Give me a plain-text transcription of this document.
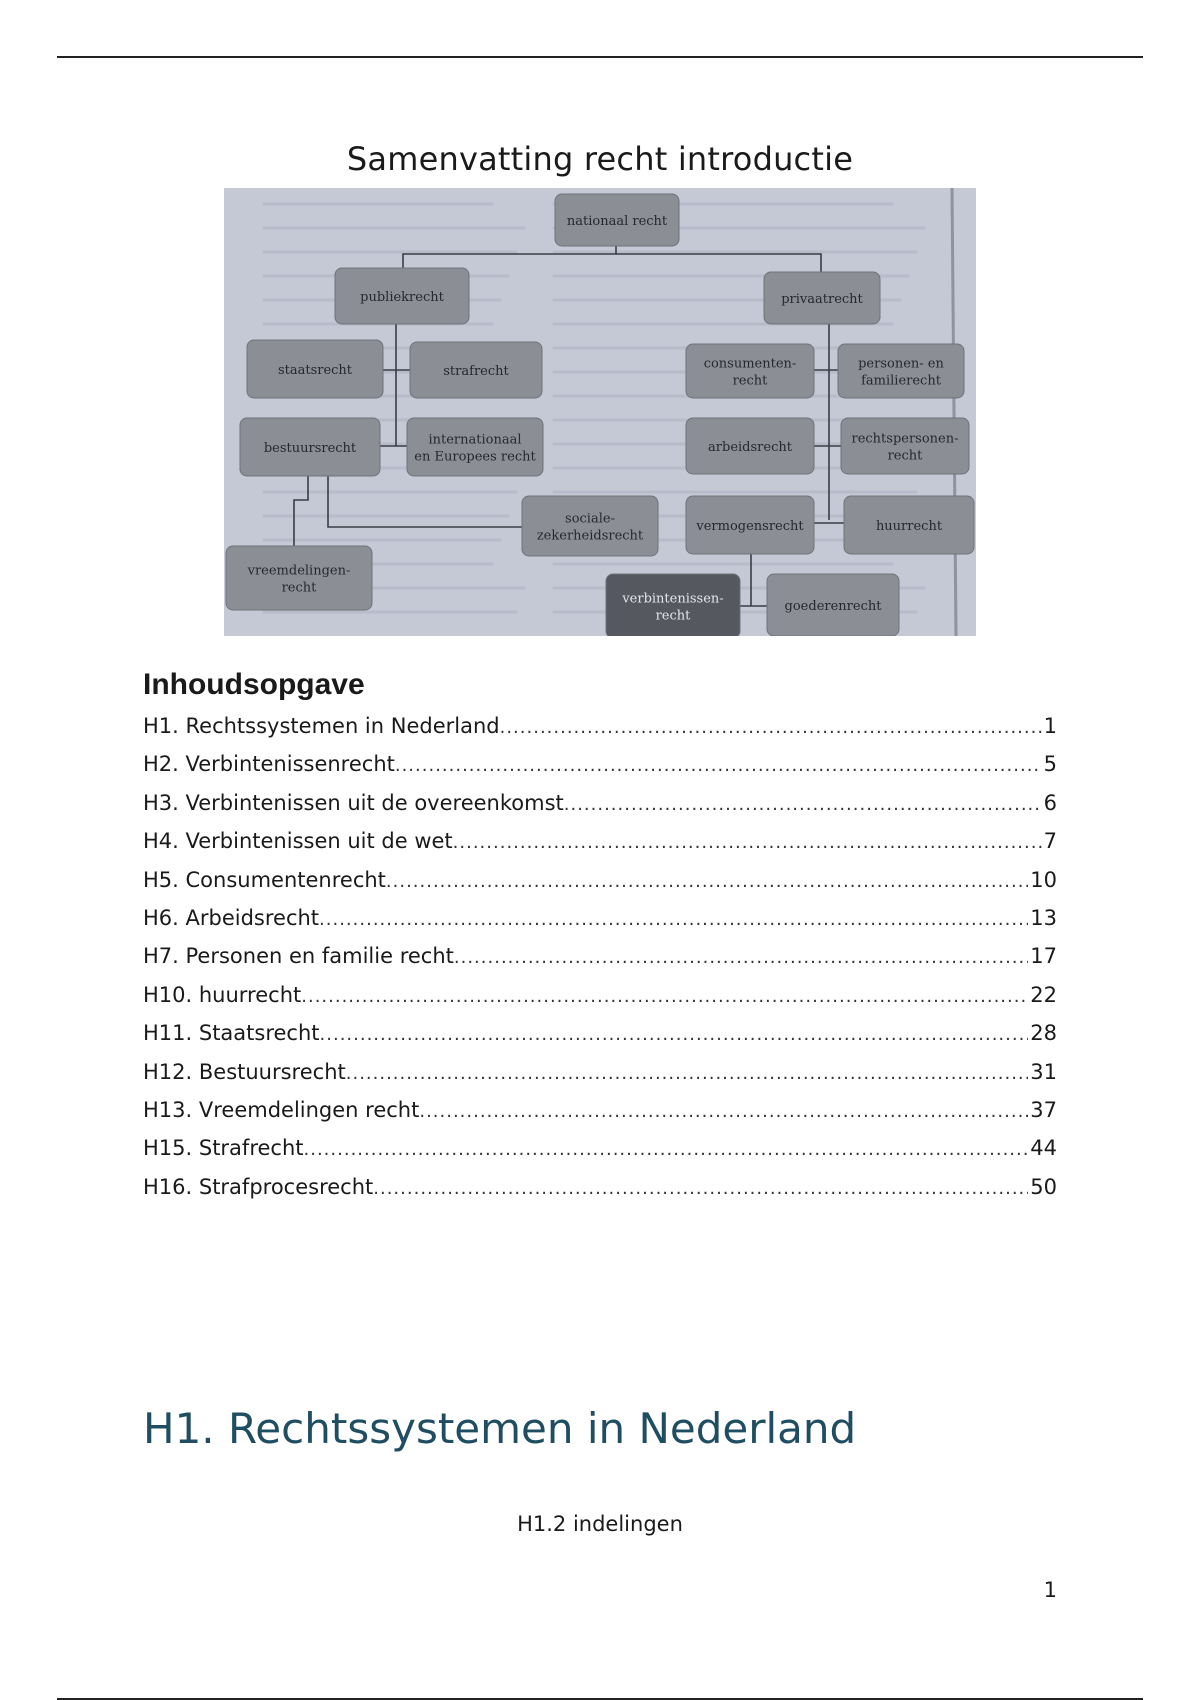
Samenvatting recht introductie
nationaal recht
publiekrecht	privaatrecht
staatsrecht	strafrecht	consumenten-
recht
personen- en
familierecht
bestuursrecht
internationaal
en Europees recht
arbeidsrecht
rechtspersonen-
recht
sociale-
zekerheidsrecht
vermogensrecht	huurrecht
vreemdelingen-
recht
verbintenissen-
recht
goederenrecht
Inhoudsopgave
H1. Rechtssystemen in Nederland .....	1
H2. Verbintenissenrecht .....	5
H3. Verbintenissen uit de overeenkomst .....	6
H4. Verbintenissen uit de wet .....	7
H5. Consumentenrecht .....	10
H6. Arbeidsrecht .....	13
H7. Personen en familie recht .....	17
H10. huurrecht .....	22
H11. Staatsrecht .....	28
H12. Bestuursrecht .....	31
H13. Vreemdelingen recht .....	37
H15. Strafrecht .....	44
H16. Strafprocesrecht .....	50
H1. Rechtssystemen in Nederland
H1.2 indelingen
1
